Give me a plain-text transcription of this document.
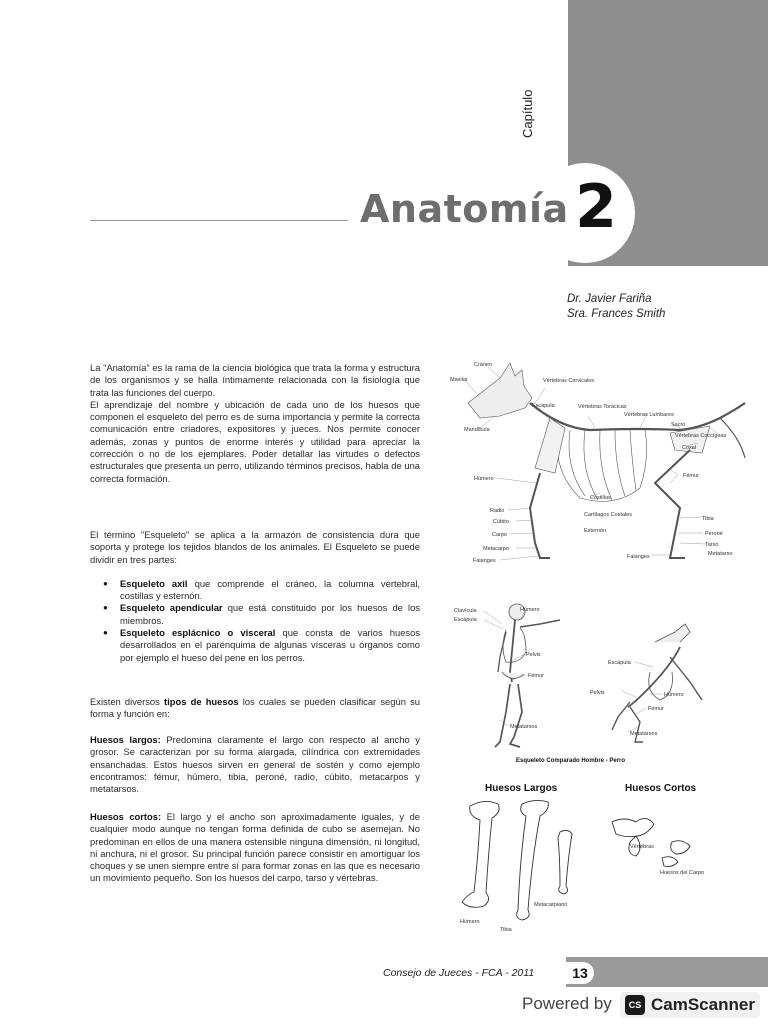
Capítulo
2
Anatomía
Dr. Javier Fariña
Sra. Frances Smith

La “Anatomía” es la rama de la ciencia biológica que trata la forma y estructura de los organismos y se halla íntimamente relacionada con la fisiología que trata las funciones del cuerpo.

El aprendizaje del nombre y ubicación de cada uno de los huesos que componen el esqueleto del perro es de suma importancia y permite la correcta comunicación entre criadores, expositores y jueces. Nos permite conocer además, zonas y puntos de enorme interés y utilidad para apreciar la corrección o no de los ejemplares. Poder detallar las virtudes o defectos estructurales que presenta un perro, utilizando términos precisos, habla de una correcta formación.

El término "Esqueleto" se aplica a la armazón de consistencia dura que soporta y protege los tejidos blandos de los animales. El Esqueleto se puede dividir en tres partes:

● Esqueleto axil que comprende el cráneo, la columna vertebral, costillas y esternón.
● Esqueleto apendicular que está constituido por los huesos de los miembros.
● Esqueleto esplácnico o visceral que consta de varios huesos desarrollados en el parénquima de algunas vísceras u órganos como por ejemplo el hueso del pene en los perros.

Existen diversos tipos de huesos los cuales se pueden clasificar según su forma y función en:

Huesos largos: Predomina claramente el largo con respecto al ancho y grosor. Se caracterizan por su forma alargada, cilíndrica con extremidades ensanchadas. Estos huesos sirven en general de sostén y como ejemplo encontramos: fémur, húmero, tibia, peroné, radio, cúbito, metacarpos y metatarsos.

Huesos cortos: El largo y el ancho son aproximadamente iguales, y de cualquier modo aunque no tengan forma definida de cubo se asemejan. No predominan en ellos de una manera ostensible ninguna dimensión, ni longitud, ni anchura, ni el grosor. Su principal función parece consistir en amortiguar los choques y se unen siempre entre sí para formar zonas en las que es necesario un movimiento pequeño. Son los huesos del carpo, tarso y vértebras.

Cráneo
Maxilar
Mandíbula
Vértebras Cervicales
Escápula	Vértebras Torácicas
Vértebras Lumbares
Sacro
Vértebras Coccígeas
Coxal
Fémur
Húmero
Radio
Cúbito
Carpo
Metacarpo
Falanges
Costillas
Cartílagos Costales
Esternón
Tibia
Peroné
Tarso
Metatarso
Falanges
Clavícula
Escápula
Húmero
Pelvis
Fémur
Metatarsos
Escápula
Pelvis	Húmero
Fémur
Metatarsos
Esqueleto Comparado Hombre - Perro
Huesos Largos	Huesos Cortos
Húmero
Tibia
Metacarpiano
Vértebras
Huesos del Carpo
Consejo de Jueces - FCA - 2011	13
Powered by	CS CamScanner
